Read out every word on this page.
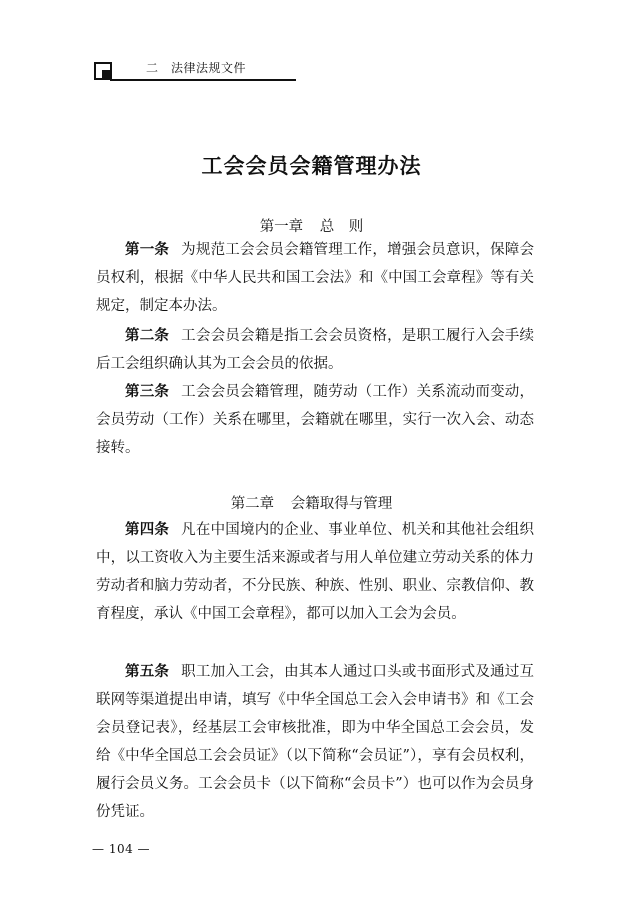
二　法律法规文件
工会会员会籍管理办法
第一章 总　则

第一条 为规范工会会员会籍管理工作，增强会员意识，保障会员权利，根据《中华人民共和国工会法》和《中国工会章程》等有关规定，制定本办法。

第二条 工会会员会籍是指工会会员资格，是职工履行入会手续后工会组织确认其为工会会员的依据。

第三条 工会会员会籍管理，随劳动（工作）关系流动而变动，会员劳动（工作）关系在哪里，会籍就在哪里，实行一次入会、动态接转。

第二章 会籍取得与管理

第四条 凡在中国境内的企业、事业单位、机关和其他社会组织中，以工资收入为主要生活来源或者与用人单位建立劳动关系的体力劳动者和脑力劳动者，不分民族、种族、性别、职业、宗教信仰、教育程度，承认《中国工会章程》，都可以加入工会为会员。

第五条 职工加入工会，由其本人通过口头或书面形式及通过互联网等渠道提出申请，填写《中华全国总工会入会申请书》和《工会会员登记表》，经基层工会审核批准，即为中华全国总工会会员，发给《中华全国总工会会员证》（以下简称“会员证”），享有会员权利，履行会员义务。工会会员卡（以下简称“会员卡”）也可以作为会员身份凭证。

— 104 —
